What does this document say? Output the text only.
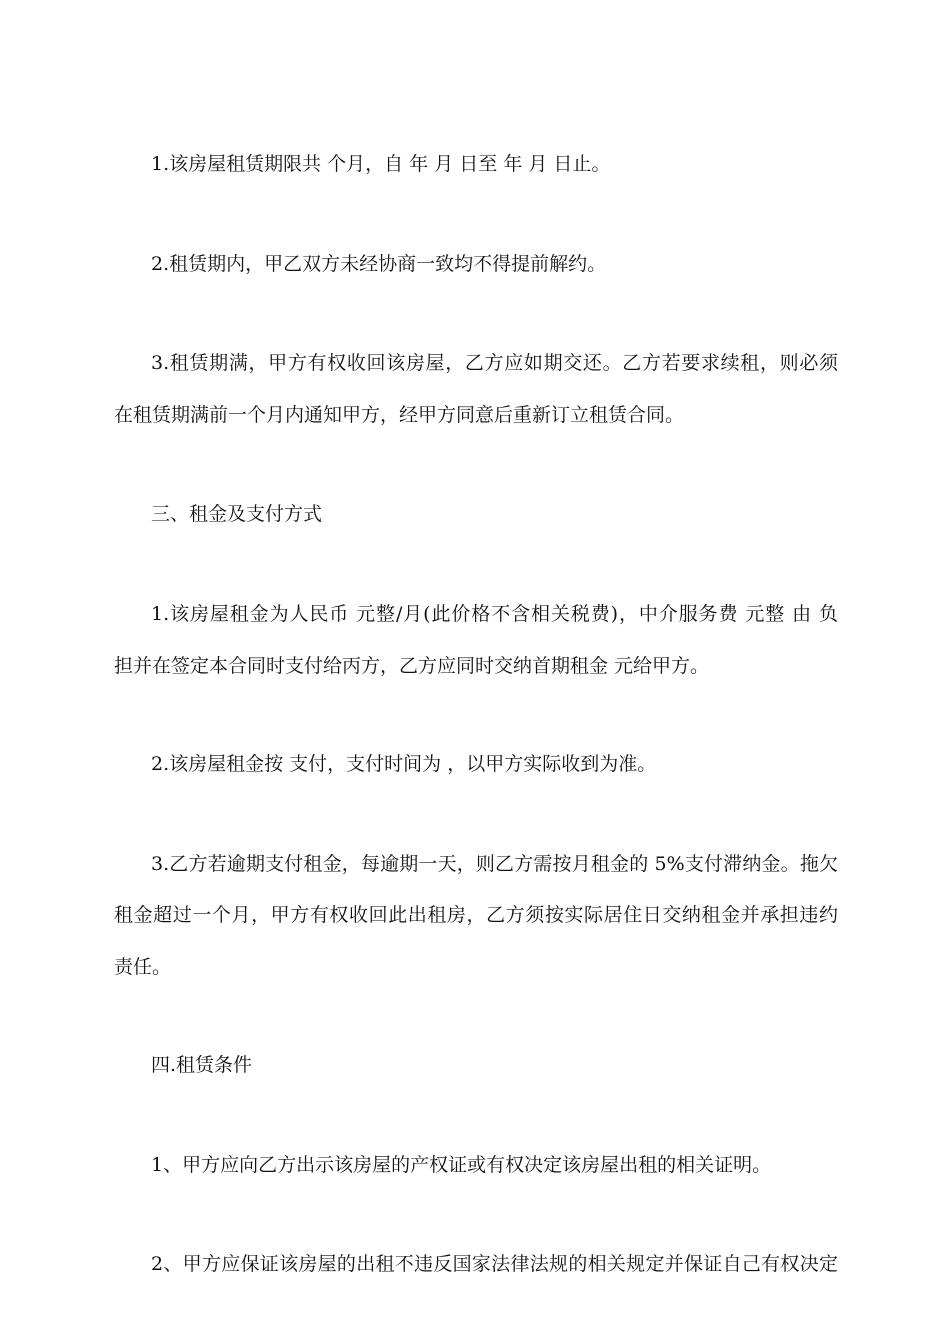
1.该房屋租赁期限共 个月，自 年 月 日至 年 月 日止。
2.租赁期内，甲乙双方未经协商一致均不得提前解约。
3.租赁期满，甲方有权收回该房屋，乙方应如期交还。乙方若要求续租，则必须
在租赁期满前一个月内通知甲方，经甲方同意后重新订立租赁合同。
三、租金及支付方式
1.该房屋租金为人民币 元整/月(此价格不含相关税费)，中介服务费 元整 由 负
担并在签定本合同时支付给丙方，乙方应同时交纳首期租金 元给甲方。
2.该房屋租金按 支付，支付时间为 ，以甲方实际收到为准。
3.乙方若逾期支付租金，每逾期一天，则乙方需按月租金的 5%支付滞纳金。拖欠
租金超过一个月，甲方有权收回此出租房，乙方须按实际居住日交纳租金并承担违约
责任。
四.租赁条件
1、甲方应向乙方出示该房屋的产权证或有权决定该房屋出租的相关证明。
2、甲方应保证该房屋的出租不违反国家法律法规的相关规定并保证自己有权决定
